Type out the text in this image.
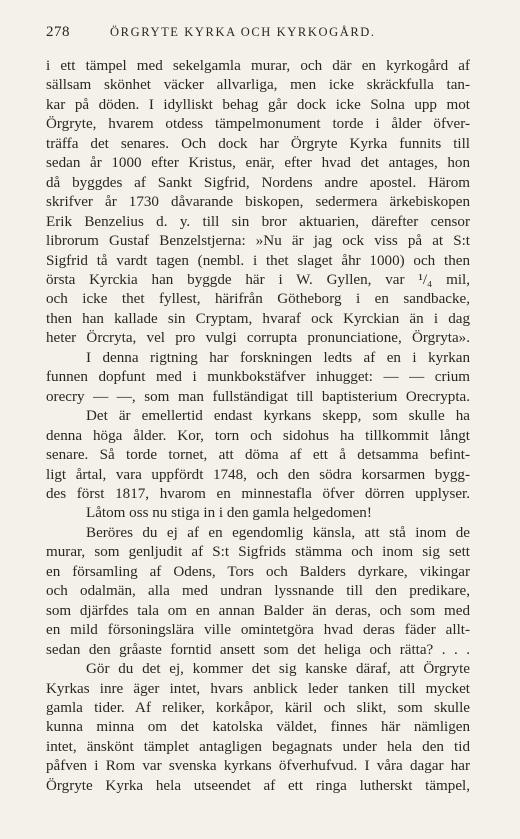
278	ÖRGRYTE KYRKA OCH KYRKOGÅRD.
i ett tämpel med sekelgamla murar, och där en kyrkogård af
sällsam skönhet väcker allvarliga, men icke skräckfulla tan-
kar på döden. I idylliskt behag går dock icke Solna upp mot
Örgryte, hvarem otdess tämpelmonument torde i ålder öfver-
träffa det senares. Och dock har Örgryte Kyrka funnits till
sedan år 1000 efter Kristus, enär, efter hvad det antages, hon
då byggdes af Sankt Sigfrid, Nordens andre apostel. Härom
skrifver år 1730 dåvarande biskopen, sedermera ärkebiskopen
Erik Benzelius d. y. till sin bror aktuarien, därefter censor
librorum Gustaf Benzelstjerna: »Nu är jag ock viss på at S:t
Sigfrid tå vardt tagen (nembl. i thet slaget åhr 1000) och then
örsta Kyrckia han byggde här i W. Gyllen, var ¹/₄ mil,
och icke thet fyllest, härifrån Götheborg i en sandbacke,
then han kallade sin Cryptam, hvaraf ock Kyrckian än i dag
heter Örcryta, vel pro vulgi corrupta pronunciatione, Örgryta».
I denna rigtning har forskningen ledts af en i kyrkan
funnen dopfunt med i munkbokstäfver inhugget: — — crium
orecry — —, som man fullständigat till baptisterium Orecrypta.
Det är emellertid endast kyrkans skepp, som skulle ha
denna höga ålder. Kor, torn och sidohus ha tillkommit långt
senare. Så torde tornet, att döma af ett å detsamma befint-
ligt årtal, vara uppfördt 1748, och den södra korsarmen bygg-
des först 1817, hvarom en minnestafla öfver dörren upplyser.
Låtom oss nu stiga in i den gamla helgedomen!
Beröres du ej af en egendomlig känsla, att stå inom de
murar, som genljudit af S:t Sigfrids stämma och inom sig sett
en församling af Odens, Tors och Balders dyrkare, vikingar
och odalmän, alla med undran lyssnande till den predikare,
som djärfdes tala om en annan Balder än deras, och som med
en mild försoningslära ville omintetgöra hvad deras fäder allt-
sedan den gråaste forntid ansett som det heliga och rätta? . . .
Gör du det ej, kommer det sig kanske däraf, att Örgryte
Kyrkas inre äger intet, hvars anblick leder tanken till mycket
gamla tider. Af reliker, korkåpor, käril och slikt, som skulle
kunna minna om det katolska väldet, finnes här nämligen
intet, änskönt tämplet antagligen begagnats under hela den tid
påfven i Rom var svenska kyrkans öfverhufvud. I våra dagar har
Örgryte Kyrka hela utseendet af ett ringa lutherskt tämpel,
